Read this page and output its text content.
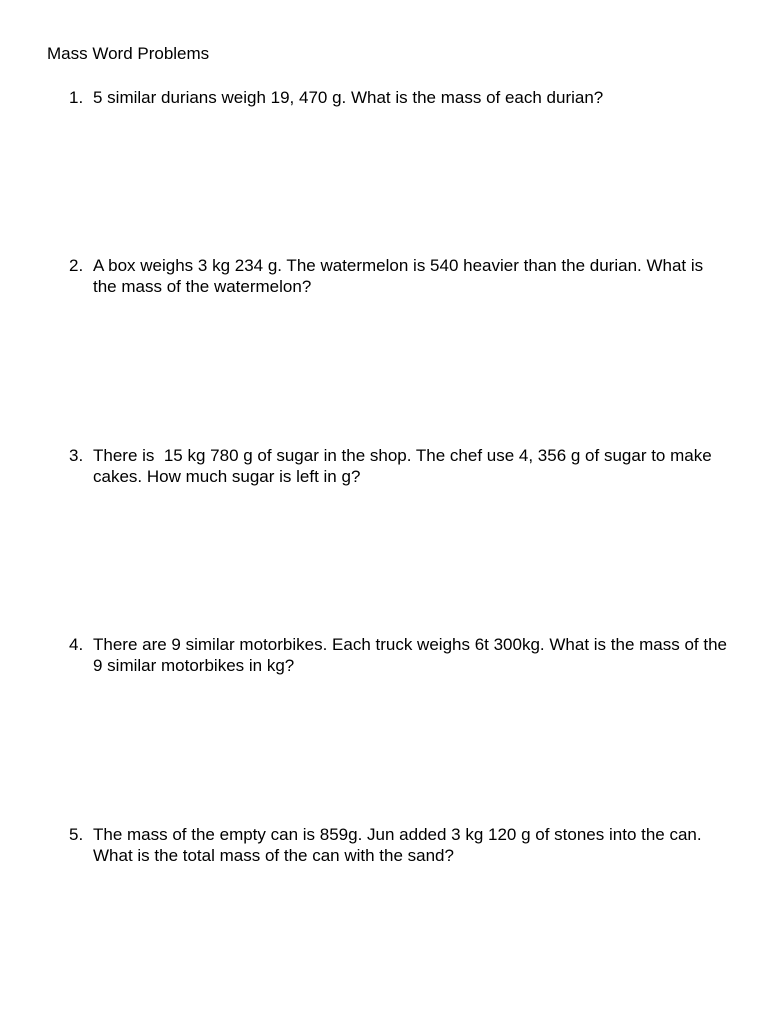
Mass Word Problems
1. 5 similar durians weigh 19, 470 g. What is the mass of each durian?
2. A box weighs 3 kg 234 g. The watermelon is 540 heavier than the durian. What is the mass of the watermelon?
3. There is  15 kg 780 g of sugar in the shop. The chef use 4, 356 g of sugar to make cakes. How much sugar is left in g?
4. There are 9 similar motorbikes. Each truck weighs 6t 300kg. What is the mass of the 9 similar motorbikes in kg?
5. The mass of the empty can is 859g. Jun added 3 kg 120 g of stones into the can. What is the total mass of the can with the sand?
